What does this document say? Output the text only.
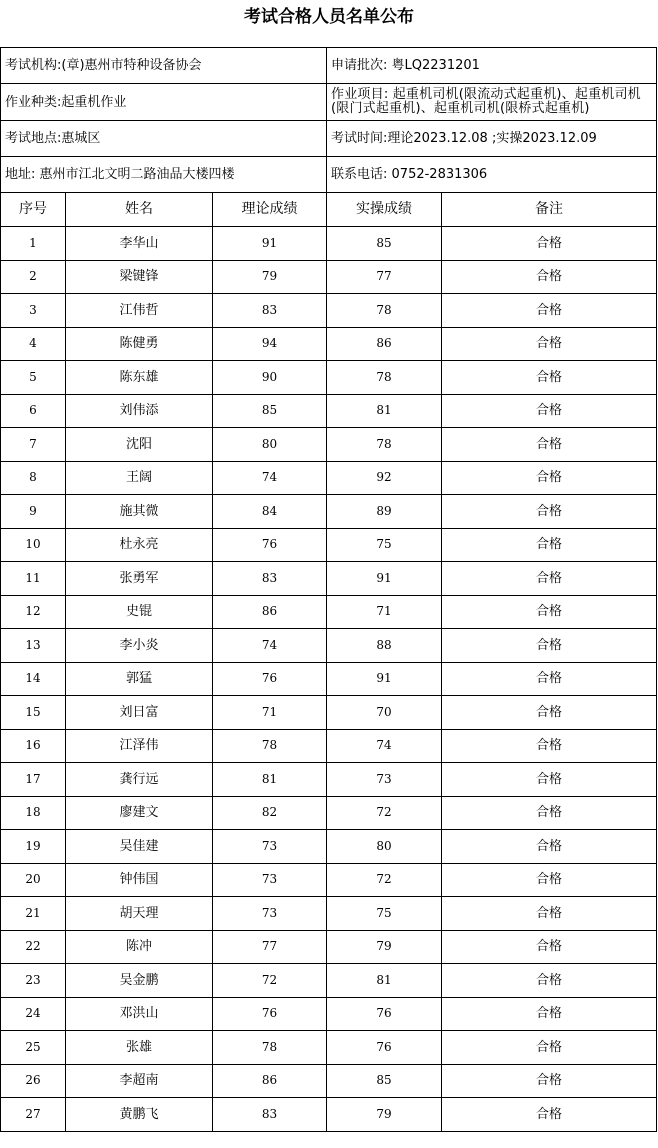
考试合格人员名单公布
考试机构:(章)惠州市特种设备协会			申请批次: 粤LQ2231201	
作业种类:起重机作业			作业项目: 起重机司机(限流动式起重机)、起重机司机(限门式起重机)、起重机司机(限桥式起重机)	
考试地点:惠城区			考试时间:理论2023.12.08 ;实操2023.12.09	
地址: 惠州市江北文明二路油品大楼四楼			联系电话: 0752-2831306	
序号	姓名	理论成绩	实操成绩	备注
1	李华山	91	85	合格
2	梁键锋	79	77	合格
3	江伟哲	83	78	合格
4	陈健勇	94	86	合格
5	陈东雄	90	78	合格
6	刘伟添	85	81	合格
7	沈阳	80	78	合格
8	王阔	74	92	合格
9	施其微	84	89	合格
10	杜永亮	76	75	合格
11	张勇军	83	91	合格
12	史锟	86	71	合格
13	李小炎	74	88	合格
14	郭猛	76	91	合格
15	刘日富	71	70	合格
16	江泽伟	78	74	合格
17	龚行远	81	73	合格
18	廖建文	82	72	合格
19	吴佳建	73	80	合格
20	钟伟国	73	72	合格
21	胡天理	73	75	合格
22	陈冲	77	79	合格
23	吴金鹏	72	81	合格
24	邓洪山	76	76	合格
25	张雄	78	76	合格
26	李超南	86	85	合格
27	黄鹏飞	83	79	合格
